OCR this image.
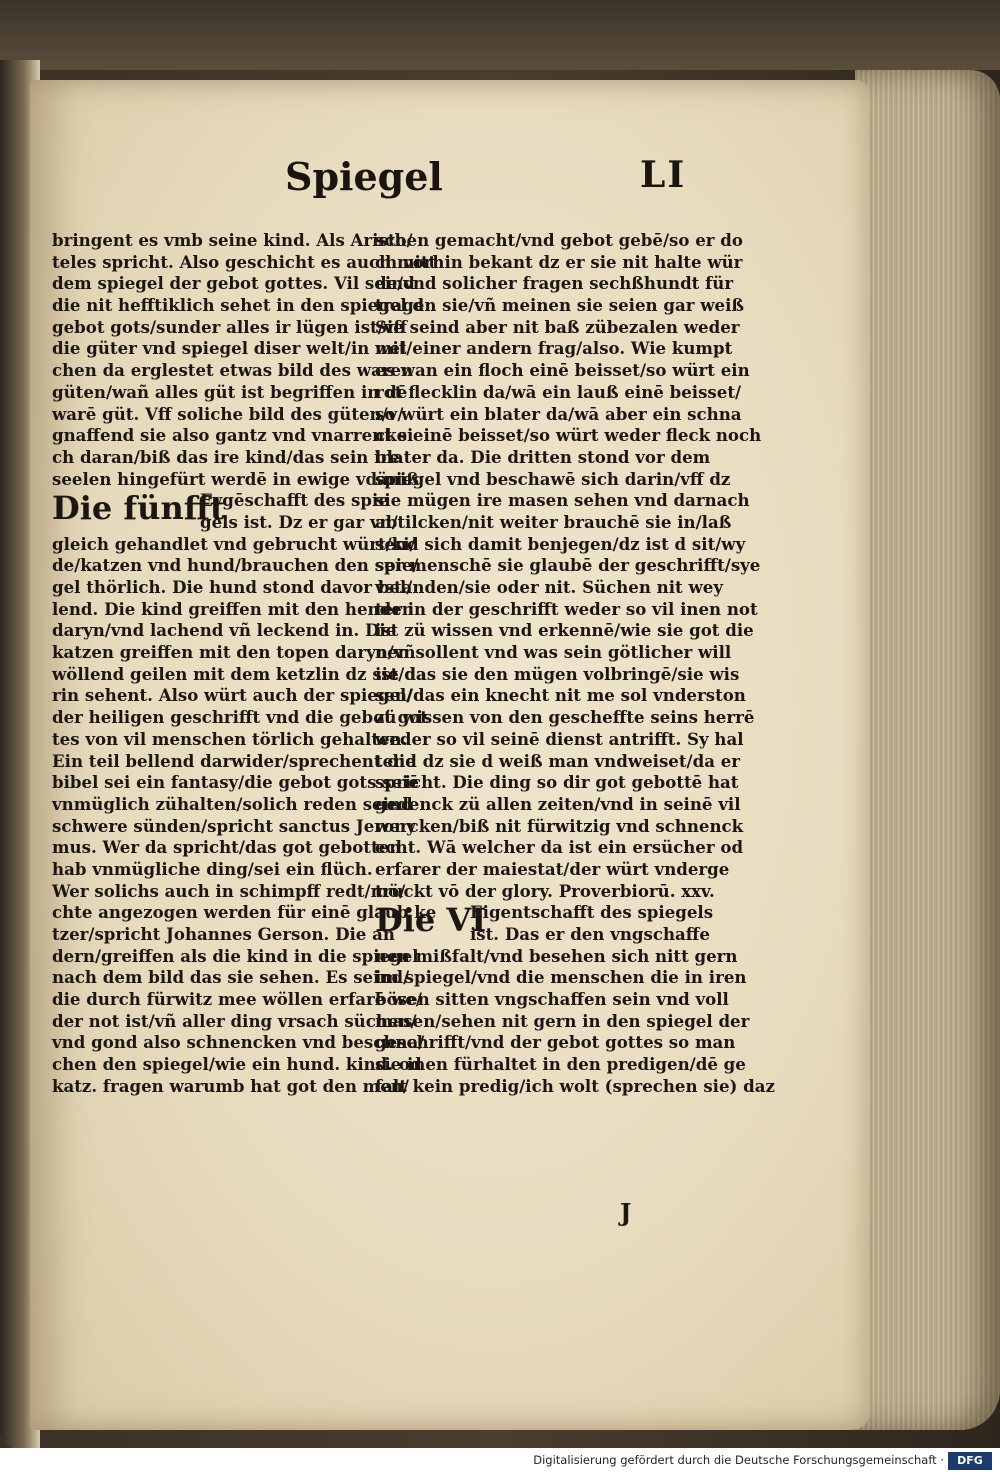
Spiegel	LI
bringent es vmb seine kind. Als Aristo/
teles spricht. Also geschicht es auch mitt
dem spiegel der gebot gottes. Vil seind
die nit hefftiklich sehet in den spiegel d
gebot gots/sunder alles ir lügen ist/vff
die güter vnd spiegel diser welt/in wel/
chen da erglestet etwas bild des waren
güten/wañ alles güt ist begriffen in dē
warē güt. Vff soliche bild des güten/v/
gnaffend sie also gantz vnd vnarrent si
ch daran/biß das ire kind/das sein ire
seelen hingefürt werdē in ewige vdäniß
Die fünfft
Eygēschafft des spie
gels ist. Dz er gar vn/
gleich gehandlet vnd gebrucht würt/ki/
de/katzen vnd hund/brauchen den spie/
gel thörlich. Die hund stond davor bel/
lend. Die kind greiffen mit den henden
daryn/vnd lachend vñ leckend in. Die
katzen greiffen mit den topen daryn/vñ
wöllend geilen mit dem ketzlin dz sie da
rin sehent. Also würt auch der spiegel/
der heiligen geschrifft vnd die gebot got
tes von vil menschen törlich gehalten.
Ein teil bellend darwider/sprechent die
bibel sei ein fantasy/die gebot gots seiē
vnmüglich zühalten/solich reden seind
schwere sünden/spricht sanctus Jerony
mus. Wer da spricht/das got gebotten
hab vnmügliche ding/sei ein flüch.
Wer solichs auch in schimpff redt/mö/
chte angezogen werden für einē glaub ke
tzer/spricht Johannes Gerson. Die an
dern/greiffen als die kind in die spiegel
nach dem bild das sie sehen. Es seind/
die durch fürwitz mee wöllen erfarē we/
der not ist/vñ aller ding vrsach süchen/
vnd gond also schnencken vnd beschna/
chen den spiegel/wie ein hund. kind. od
katz. fragen warumb hat got den men/
schen gemacht/vnd gebot gebē/so er do
ch vorhin bekant dz er sie nit halte wür
de/vnd solicher fragen sechßhundt für
tragen sie/vñ meinen sie seien gar weiß
Sie seind aber nit baß zübezalen weder
mit einer andern frag/also. Wie kumpt
es wan ein floch einē beisset/so würt ein
rot flecklin da/wā ein lauß einē beisset/
so würt ein blater da/wā aber ein schna
cke einē beisset/so würt weder fleck noch
blater da. Die dritten stond vor dem
spiegel vnd beschawē sich darin/vff dz
sie mügen ire masen sehen vnd darnach
abtilcken/nit weiter brauchē sie in/laß
send sich damit benjegen/dz ist d sit/wy
ser menschē sie glaubē der geschrifft/sye
vstanden/sie oder nit. Süchen nit wey
ter in der geschrifft weder so vil inen not
ist zü wissen vnd erkennē/wie sie got die
nen sollent vnd was sein götlicher will
ist/das sie den mügen volbringē/sie wis
sen/das ein knecht nit me sol vnderston
zü wissen von den gescheffte seins herrē
weder so vil seinē dienst antrifft. Sy hal
tend dz sie d weiß man vndweiset/da er
spricht. Die ding so dir got gebottē hat
gedenck zü allen zeiten/vnd in seinē vil
wercken/biß nit fürwitzig vnd schnenck
echt. Wā welcher da ist ein ersücher od
erfarer der maiestat/der würt vnderge
truckt vō der glory. Proverbiorū. xxv.
Die VI
Eigentschafft des spiegels
ist. Das er den vngschaffe
nen mißfalt/vnd besehen sich nitt gern
im spiegel/vnd die menschen die in iren
bösen sitten vngschaffen sein vnd voll
masen/sehen nit gern in den spiegel der
geschrifft/vnd der gebot gottes so man
sie inen fürhaltet in den predigen/dē ge
falt kein predig/ich wolt (sprechen sie) daz
J
Digitalisierung gefördert durch die Deutsche Forschungsgemeinschaft ·	DFG
